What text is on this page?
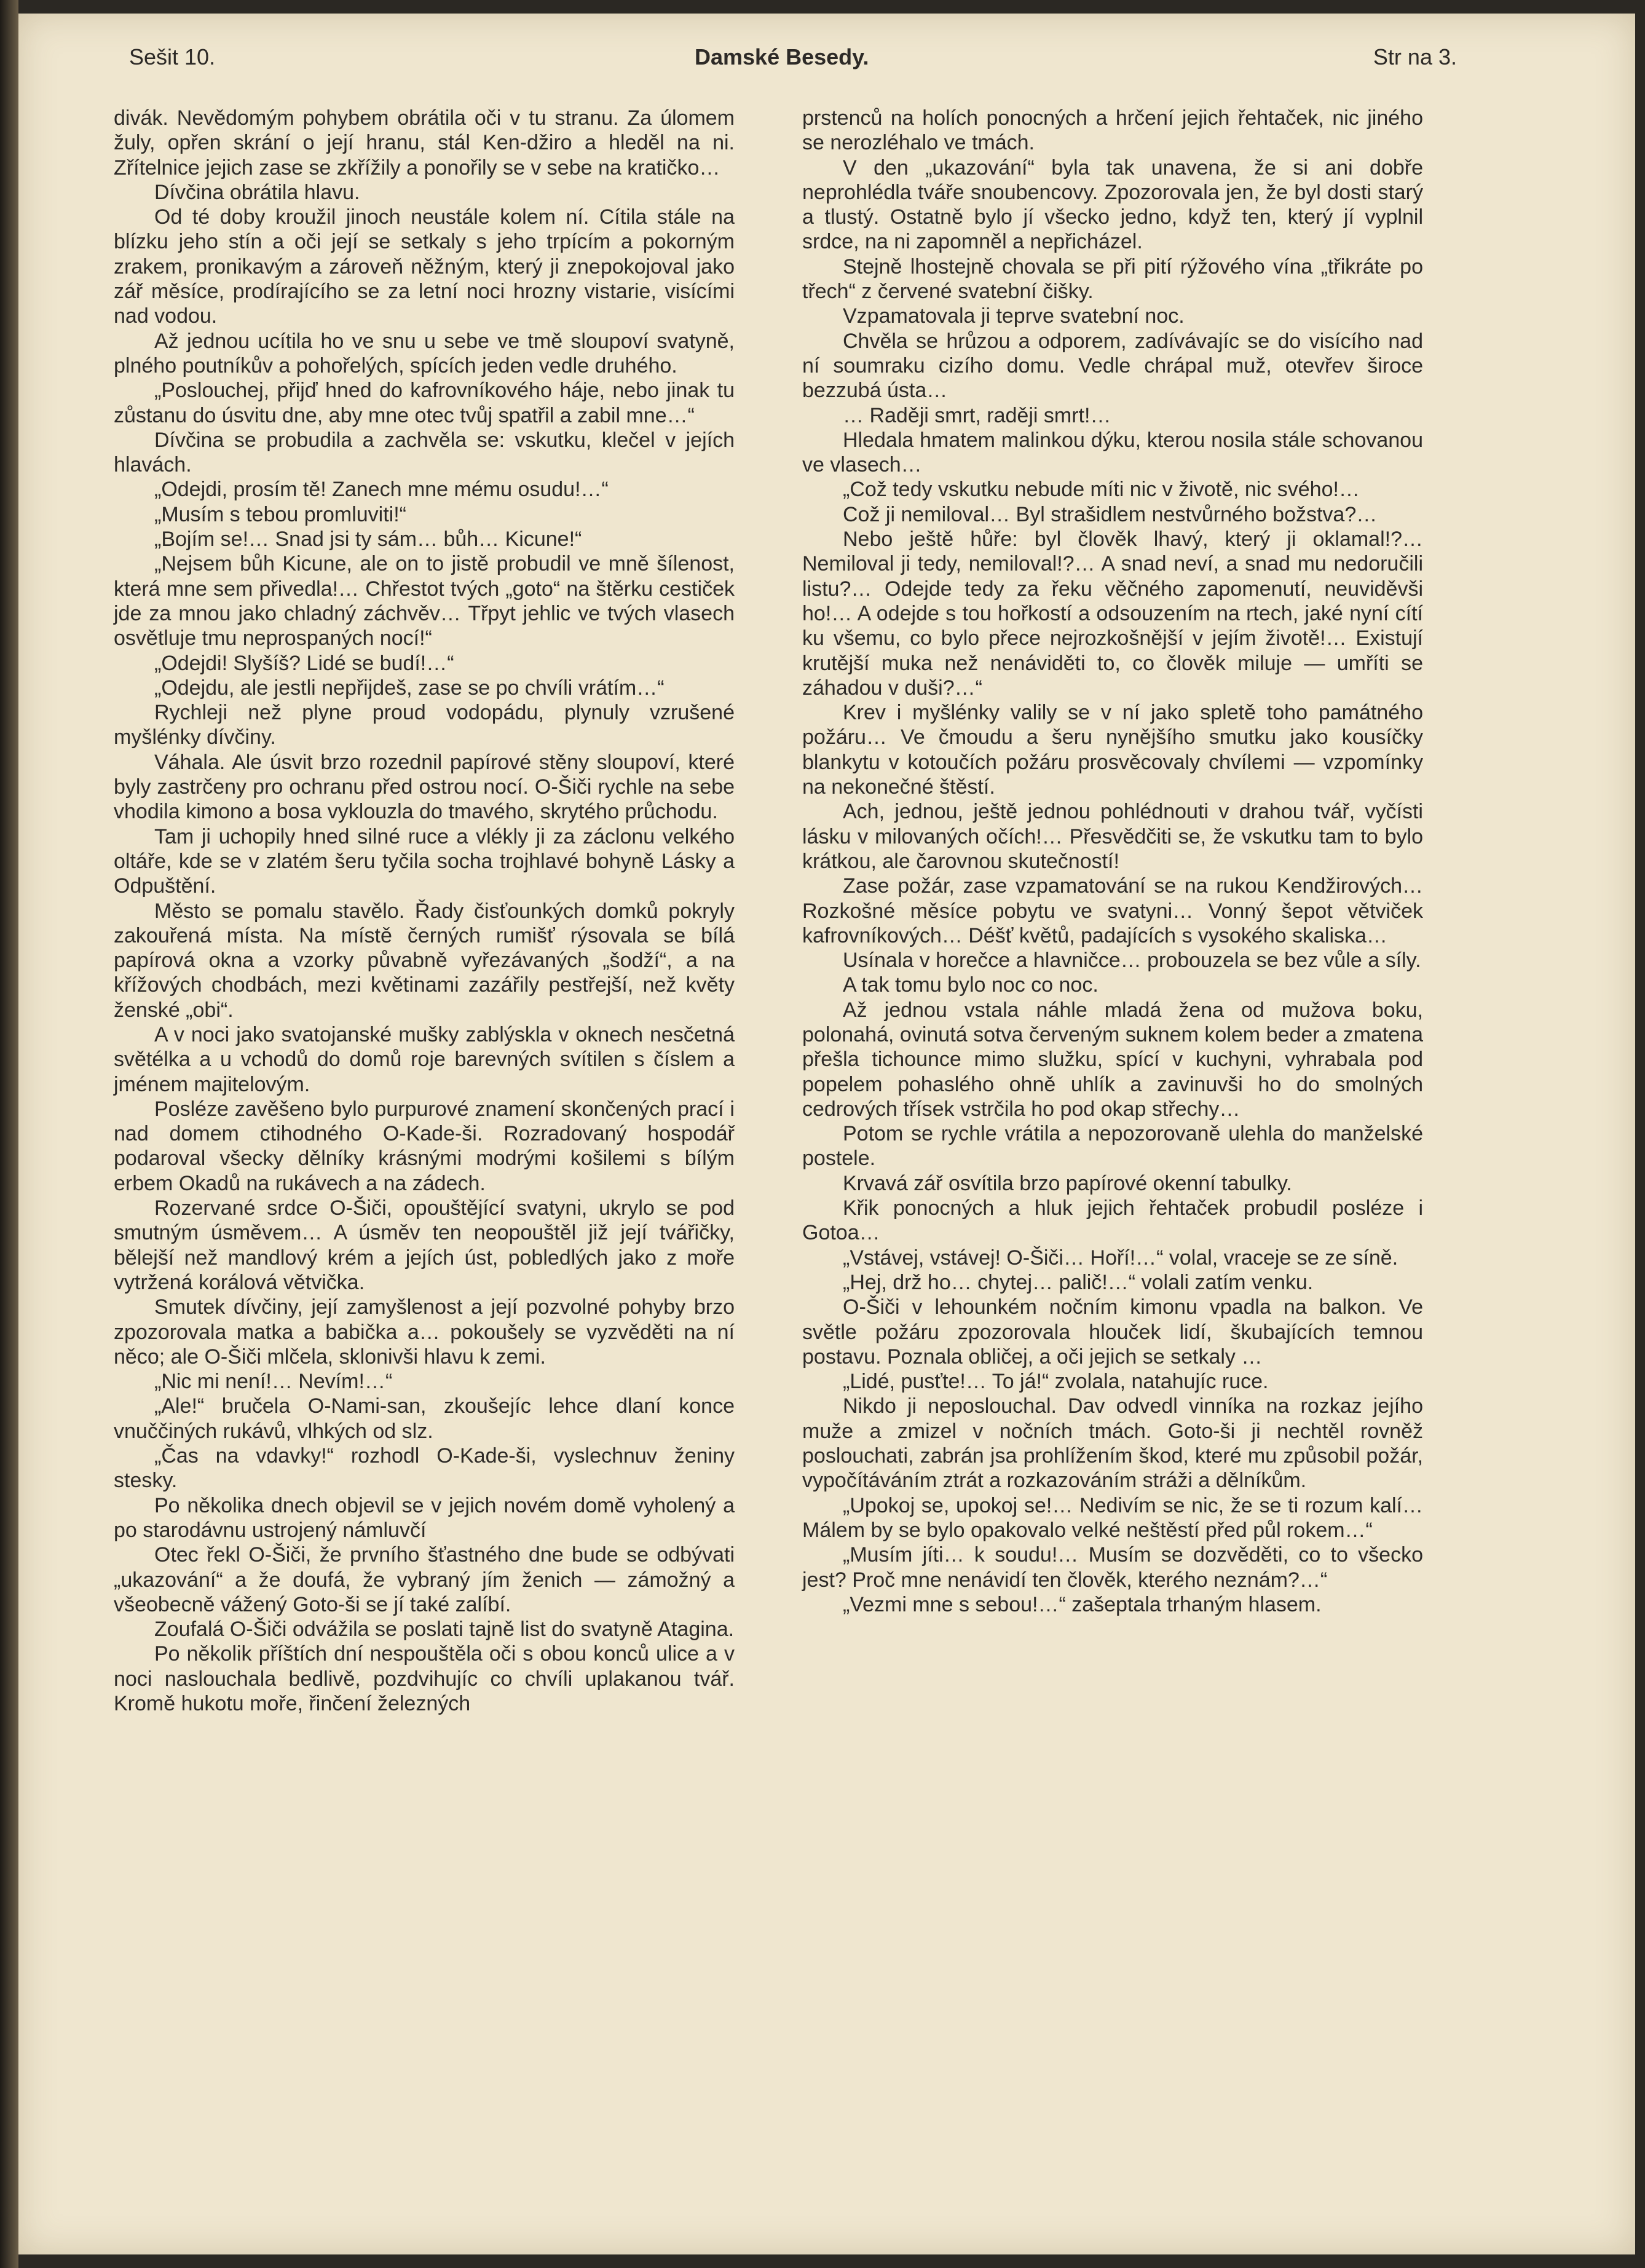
Sešit 10.	Damské Besedy.	Str na 3.

divák. Nevědomým pohybem obrátila oči v tu stranu. Za úlomem žuly, opřen skrání o její hranu, stál Ken-džiro a hleděl na ni. Zřítelnice jejich zase se zkřížily a ponořily se v sebe na kratičko…

Dívčina obrátila hlavu.

Od té doby kroužil jinoch neustále kolem ní. Cítila stále na blízku jeho stín a oči její se setkaly s jeho trpícím a pokorným zrakem, pronikavým a zároveň něžným, který ji znepokojoval jako zář měsíce, prodírajícího se za letní noci hrozny vistarie, visícími nad vodou.

Až jednou ucítila ho ve snu u sebe ve tmě sloupoví svatyně, plného poutníkův a pohořelých, spících jeden vedle druhého.

„Poslouchej, přijď hned do kafrovníkového háje, nebo jinak tu zůstanu do úsvitu dne, aby mne otec tvůj spatřil a zabil mne…“

Dívčina se probudila a zachvěla se: vskutku, klečel v jejích hlavách.

„Odejdi, prosím tě! Zanech mne mému osudu!…“

„Musím s tebou promluviti!“

„Bojím se!… Snad jsi ty sám… bůh… Kicune!“

„Nejsem bůh Kicune, ale on to jistě probudil ve mně šílenost, která mne sem přivedla!… Chřestot tvých „goto“ na štěrku cestiček jde za mnou jako chladný záchvěv… Třpyt jehlic ve tvých vlasech osvětluje tmu neprospaných nocí!“

„Odejdi! Slyšíš? Lidé se budí!…“

„Odejdu, ale jestli nepřijdeš, zase se po chvíli vrátím…“

Rychleji než plyne proud vodopádu, plynuly vzrušené myšlénky dívčiny.

Váhala. Ale úsvit brzo rozednil papírové stěny sloupoví, které byly zastrčeny pro ochranu před ostrou nocí. O-Šiči rychle na sebe vhodila kimono a bosa vyklouzla do tmavého, skrytého průchodu.

Tam ji uchopily hned silné ruce a vlékly ji za záclonu velkého oltáře, kde se v zlatém šeru tyčila socha trojhlavé bohyně Lásky a Odpuštění.

Město se pomalu stavělo. Řady čisťounkých domků pokryly zakouřená místa. Na místě černých rumišť rýsovala se bílá papírová okna a vzorky půvabně vyřezávaných „šodží“, a na křížových chodbách, mezi květinami zazářily pestřejší, než květy ženské „obi“.

A v noci jako svatojanské mušky zablýskla v oknech nesčetná světélka a u vchodů do domů roje barevných svítilen s číslem a jménem majitelovým.

Posléze zavěšeno bylo purpurové znamení skončených prací i nad domem ctihodného O-Kade-ši. Rozradovaný hospodář podaroval všecky dělníky krásnými modrými košilemi s bílým erbem Okadů na rukávech a na zádech.

Rozervané srdce O-Šiči, opouštějící svatyni, ukrylo se pod smutným úsměvem… A úsměv ten neopouštěl již její tvářičky, bělejší než mandlový krém a jejích úst, pobledlých jako z moře vytržená korálová větvička.

Smutek dívčiny, její zamyšlenost a její pozvolné pohyby brzo zpozorovala matka a babička a… pokoušely se vyzvěděti na ní něco; ale O-Šiči mlčela, sklonivši hlavu k zemi.

„Nic mi není!… Nevím!…“

„Ale!“ bručela O-Nami-san, zkoušejíc lehce dlaní konce vnuččiných rukávů, vlhkých od slz.

„Čas na vdavky!“ rozhodl O-Kade-ši, vyslechnuv ženiny stesky.

Po několika dnech objevil se v jejich novém domě vyholený a po starodávnu ustrojený námluvčí

Otec řekl O-Šiči, že prvního šťastného dne bude se odbývati „ukazování“ a že doufá, že vybraný jím ženich — zámožný a všeobecně vážený Goto-ši se jí také zalíbí.

Zoufalá O-Šiči odvážila se poslati tajně list do svatyně Atagina.

Po několik příštích dní nespouštěla oči s obou konců ulice a v noci naslouchala bedlivě, pozdvihujíc co chvíli uplakanou tvář. Kromě hukotu moře, řinčení železných

prstenců na holích ponocných a hrčení jejich řehtaček, nic jiného se nerozléhalo ve tmách.

V den „ukazování“ byla tak unavena, že si ani dobře neprohlédla tváře snoubencovy. Zpozorovala jen, že byl dosti starý a tlustý. Ostatně bylo jí všecko jedno, když ten, který jí vyplnil srdce, na ni zapomněl a nepřicházel.

Stejně lhostejně chovala se při pití rýžového vína „třikráte po třech“ z červené svatební čišky.

Vzpamatovala ji teprve svatební noc.

Chvěla se hrůzou a odporem, zadívávajíc se do visícího nad ní soumraku cizího domu. Vedle chrápal muž, otevřev široce bezzubá ústa…

… Raději smrt, raději smrt!…

Hledala hmatem malinkou dýku, kterou nosila stále schovanou ve vlasech…

„Což tedy vskutku nebude míti nic v životě, nic svého!…

Což ji nemiloval… Byl strašidlem nestvůrného božstva?…

Nebo ještě hůře: byl člověk lhavý, který ji oklamal!?… Nemiloval ji tedy, nemiloval!?… A snad neví, a snad mu nedoručili listu?… Odejde tedy za řeku věčného zapomenutí, neuviděvši ho!… A odejde s tou hořkostí a odsouzením na rtech, jaké nyní cítí ku všemu, co bylo přece nejrozkošnější v jejím životě!… Existují krutější muka než nenáviděti to, co člověk miluje — umříti se záhadou v duši?…“

Krev i myšlénky valily se v ní jako spletě toho památného požáru… Ve čmoudu a šeru nynějšího smutku jako kousíčky blankytu v kotoučích požáru prosvěcovaly chvílemi — vzpomínky na nekonečné štěstí.

Ach, jednou, ještě jednou pohlédnouti v drahou tvář, vyčísti lásku v milovaných očích!… Přesvědčiti se, že vskutku tam to bylo krátkou, ale čarovnou skutečností!

Zase požár, zase vzpamatování se na rukou Kendžirových… Rozkošné měsíce pobytu ve svatyni… Vonný šepot větviček kafrovníkových… Déšť květů, padajících s vysokého skaliska…

Usínala v horečce a hlavničce… probouzela se bez vůle a síly.

A tak tomu bylo noc co noc.

Až jednou vstala náhle mladá žena od mužova boku, polonahá, ovinutá sotva červeným suknem kolem beder a zmatena přešla tichounce mimo služku, spící v kuchyni, vyhrabala pod popelem pohaslého ohně uhlík a zavinuvši ho do smolných cedrových třísek vstrčila ho pod okap střechy…

Potom se rychle vrátila a nepozorovaně ulehla do manželské postele.

Krvavá zář osvítila brzo papírové okenní tabulky.

Křik ponocných a hluk jejich řehtaček probudil posléze i Gotoa…

„Vstávej, vstávej! O-Šiči… Hoří!…“ volal, vraceje se ze síně.

„Hej, drž ho… chytej… palič!…“ volali zatím venku.

O-Šiči v lehounkém nočním kimonu vpadla na balkon. Ve světle požáru zpozorovala hlouček lidí, škubajících temnou postavu. Poznala obličej, a oči jejich se setkaly …

„Lidé, pusťte!… To já!“ zvolala, natahujíc ruce.

Nikdo ji neposlouchal. Dav odvedl vinníka na rozkaz jejího muže a zmizel v nočních tmách. Goto-ši ji nechtěl rovněž poslouchati, zabrán jsa prohlížením škod, které mu způsobil požár, vypočítáváním ztrát a rozkazováním stráži a dělníkům.

„Upokoj se, upokoj se!… Nedivím se nic, že se ti rozum kalí… Málem by se bylo opakovalo velké neštěstí před půl rokem…“

„Musím jíti… k soudu!… Musím se dozvěděti, co to všecko jest? Proč mne nenávidí ten člověk, kterého neznám?…“

„Vezmi mne s sebou!…“ zašeptala trhaným hlasem.
